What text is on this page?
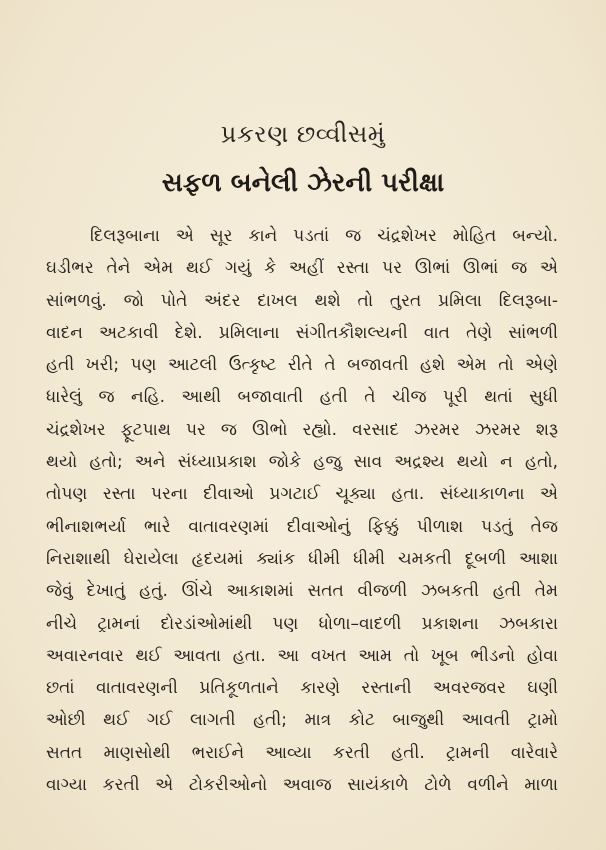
પ્રકરણ છવ્વીસમું
સફળ બનેલી ઝેરની પરીક્ષા
દિલરૂબાના એ સૂર કાને પડતાં જ ચંદ્રશેખર મોહિત બન્યો.
ઘડીભર તેને એમ થઈ ગયું કે અહીં રસ્તા પર ઊભાં ઊભાં જ એ
સાંભળવું. જો પોતે અંદર દાખલ થશે તો તુરત પ્રમિલા દિલરૂબા-
વાદન અટકાવી દેશે. પ્રમિલાના સંગીતકૌશલ્યની વાત તેણે સાંભળી
હતી ખરી; પણ આટલી ઉત્કૃષ્ટ રીતે તે બજાવતી હશે એમ તો એણે
ધારેલું જ નહિ. આથી બજાવાતી હતી તે ચીજ પૂરી થતાં સુધી
ચંદ્રશેખર ફૂટપાથ પર જ ઊભો રહ્યો. વરસાદ ઝરમર ઝરમર શરૂ
થયો હતો; અને સંધ્યાપ્રકાશ જોકે હજુ સાવ અદ્રશ્ય થયો ન હતો,
તોપણ રસ્તા પરના દીવાઓ પ્રગટાઈ ચૂક્યા હતા. સંધ્યાકાળના એ
ભીનાશભર્યા ભારે વાતાવરણમાં દીવાઓનું ફિક્કું પીળાશ પડતું તેજ
નિરાશાથી ઘેરાયેલા હૃદયમાં ક્યાંક ધીમી ધીમી ચમકતી દૂબળી આશા
જેવું દેખાતું હતું. ઊંચે આકાશમાં સતત વીજળી ઝબકતી હતી તેમ
નીચે ટ્રામનાં દોરડાંઓમાંથી પણ ધોળા–વાદળી પ્રકાશના ઝબકારા
અવારનવાર થઈ આવતા હતા. આ વખત આમ તો ખૂબ ભીડનો હોવા
છતાં વાતાવરણની પ્રતિકૂળતાને કારણે રસ્તાની અવરજવર ઘણી
ઓછી થઈ ગઈ લાગતી હતી; માત્ર કોટ બાજુથી આવતી ટ્રામો
સતત માણસોથી ભરાઈને આવ્યા કરતી હતી. ટ્રામની વારેવારે
વાગ્યા કરતી એ ટોકરીઓનો અવાજ સાયંકાળે ટોળે વળીને માળા
